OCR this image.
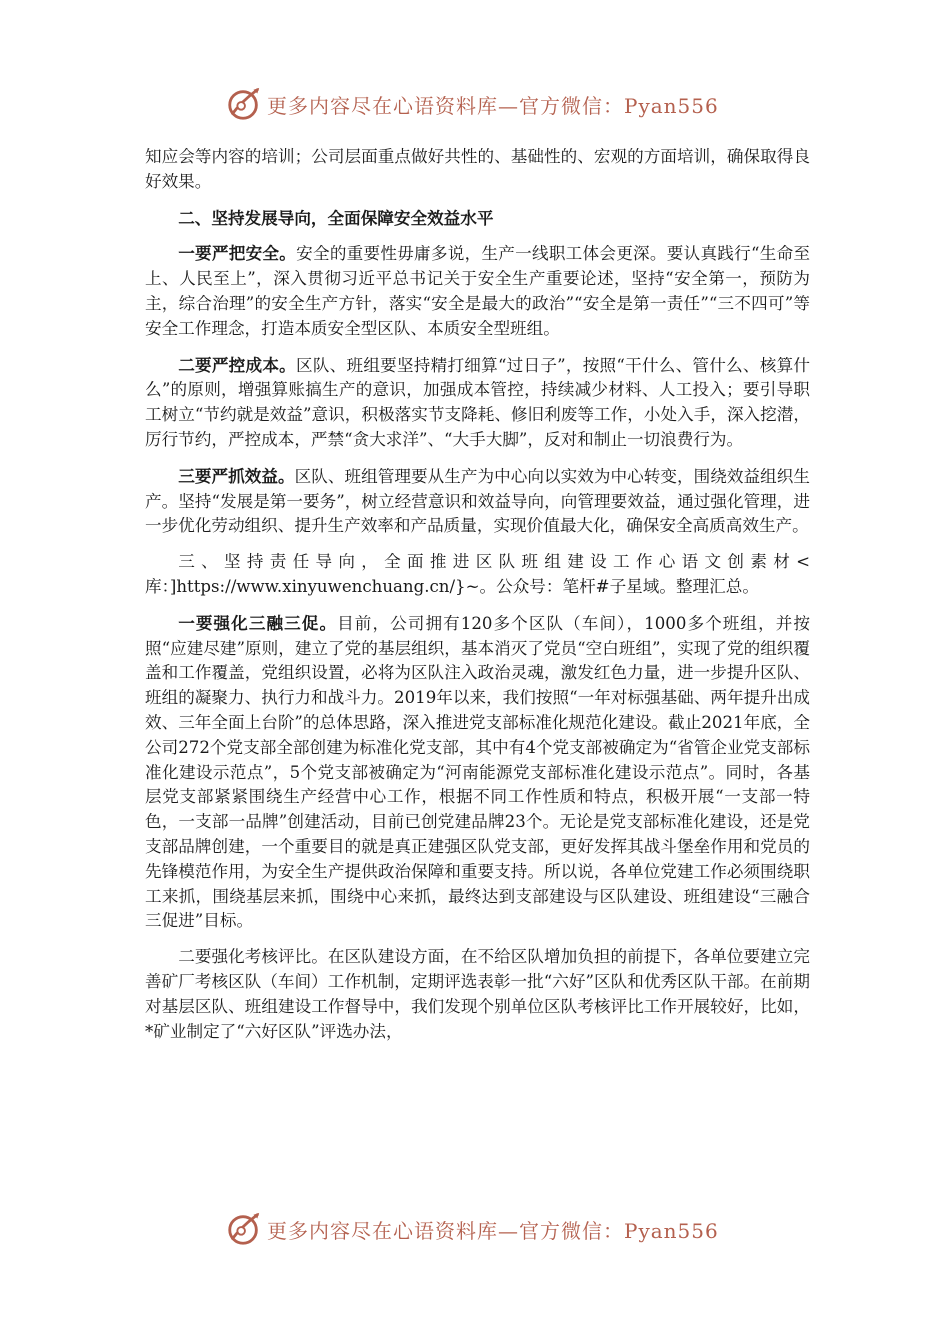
更多内容尽在心语资料库—官方微信：Pyan556

知应会等内容的培训；公司层面重点做好共性的、基础性的、宏观的方面培训，确保取得良好效果。

二、坚持发展导向，全面保障安全效益水平

一要严把安全。安全的重要性毋庸多说，生产一线职工体会更深。要认真践行“生命至上、人民至上”，深入贯彻习近平总书记关于安全生产重要论述，坚持“安全第一，预防为主，综合治理”的安全生产方针，落实“安全是最大的政治”“安全是第一责任”“三不四可”等安全工作理念，打造本质安全型区队、本质安全型班组。

二要严控成本。区队、班组要坚持精打细算“过日子”，按照“干什么、管什么、核算什么”的原则，增强算账搞生产的意识，加强成本管控，持续减少材料、人工投入；要引导职工树立“节约就是效益”意识，积极落实节支降耗、修旧利废等工作，小处入手，深入挖潜，厉行节约，严控成本，严禁“贪大求洋”、“大手大脚”，反对和制止一切浪费行为。

三要严抓效益。区队、班组管理要从生产为中心向以实效为中心转变，围绕效益组织生产。坚持“发展是第一要务”，树立经营意识和效益导向，向管理要效益，通过强化管理，进一步优化劳动组织、提升生产效率和产品质量，实现价值最大化，确保安全高质高效生产。

三、坚持责任导向，全面推进区队班组建设工作心语文创素材<

库：]https://www.xinyuwenchuang.cn/}~。公众号：笔杆#子星域。整理汇总。

一要强化三融三促。目前，公司拥有120多个区队（车间），1000多个班组，并按照“应建尽建”原则，建立了党的基层组织，基本消灭了党员“空白班组”，实现了党的组织覆盖和工作覆盖，党组织设置，必将为区队注入政治灵魂，激发红色力量，进一步提升区队、班组的凝聚力、执行力和战斗力。2019年以来，我们按照“一年对标强基础、两年提升出成效、三年全面上台阶”的总体思路，深入推进党支部标准化规范化建设。截止2021年底，全公司272个党支部全部创建为标准化党支部，其中有4个党支部被确定为“省管企业党支部标准化建设示范点”，5个党支部被确定为“河南能源党支部标准化建设示范点”。同时，各基层党支部紧紧围绕生产经营中心工作，根据不同工作性质和特点，积极开展“一支部一特色，一支部一品牌”创建活动，目前已创党建品牌23个。无论是党支部标准化建设，还是党支部品牌创建，一个重要目的就是真正建强区队党支部，更好发挥其战斗堡垒作用和党员的先锋模范作用，为安全生产提供政治保障和重要支持。所以说，各单位党建工作必须围绕职工来抓，围绕基层来抓，围绕中心来抓，最终达到支部建设与区队建设、班组建设“三融合三促进”目标。

二要强化考核评比。在区队建设方面，在不给区队增加负担的前提下，各单位要建立完善矿厂考核区队（车间）工作机制，定期评选表彰一批“六好”区队和优秀区队干部。在前期对基层区队、班组建设工作督导中，我们发现个别单位区队考核评比工作开展较好，比如，*矿业制定了“六好区队”评选办法，

更多内容尽在心语资料库—官方微信：Pyan556
